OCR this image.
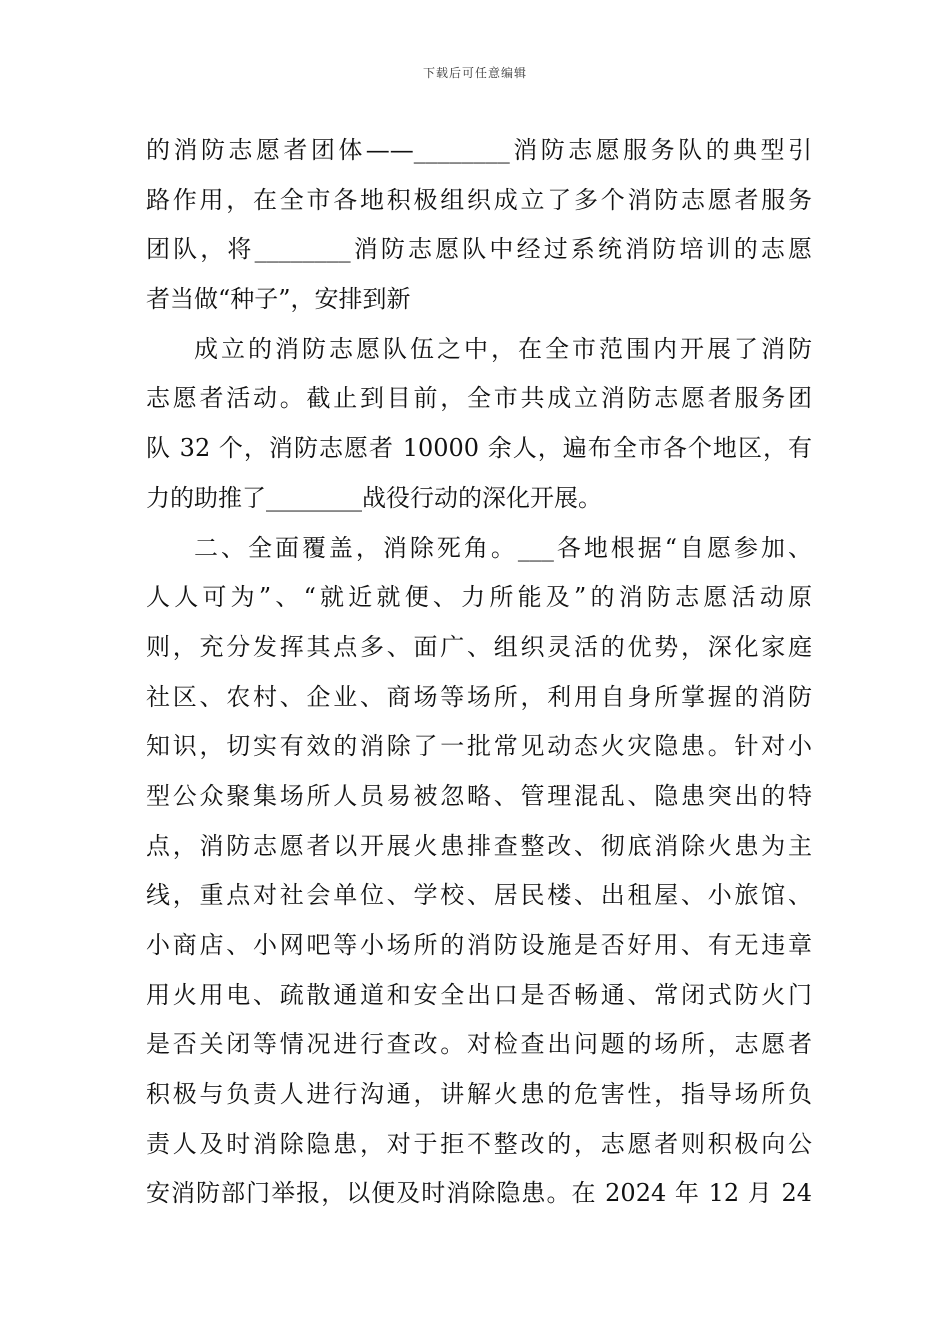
下载后可任意编辑
的消防志愿者团体——________消防志愿服务队的典型引
路作用，在全市各地积极组织成立了多个消防志愿者服务
团队，将________消防志愿队中经过系统消防培训的志愿
者当做“种子”，安排到新
成立的消防志愿队伍之中，在全市范围内开展了消防
志愿者活动。截止到目前，全市共成立消防志愿者服务团
队 32 个，消防志愿者 10000 余人，遍布全市各个地区，有
力的助推了________战役行动的深化开展。
二、全面覆盖，消除死角。___各地根据“自愿参加、
人人可为”、“就近就便、力所能及”的消防志愿活动原
则，充分发挥其点多、面广、组织灵活的优势，深化家庭
社区、农村、企业、商场等场所，利用自身所掌握的消防
知识，切实有效的消除了一批常见动态火灾隐患。针对小
型公众聚集场所人员易被忽略、管理混乱、隐患突出的特
点，消防志愿者以开展火患排查整改、彻底消除火患为主
线，重点对社会单位、学校、居民楼、出租屋、小旅馆、
小商店、小网吧等小场所的消防设施是否好用、有无违章
用火用电、疏散通道和安全出口是否畅通、常闭式防火门
是否关闭等情况进行查改。对检查出问题的场所，志愿者
积极与负责人进行沟通，讲解火患的危害性，指导场所负
责人及时消除隐患，对于拒不整改的，志愿者则积极向公
安消防部门举报，以便及时消除隐患。在 2024 年 12 月 24
